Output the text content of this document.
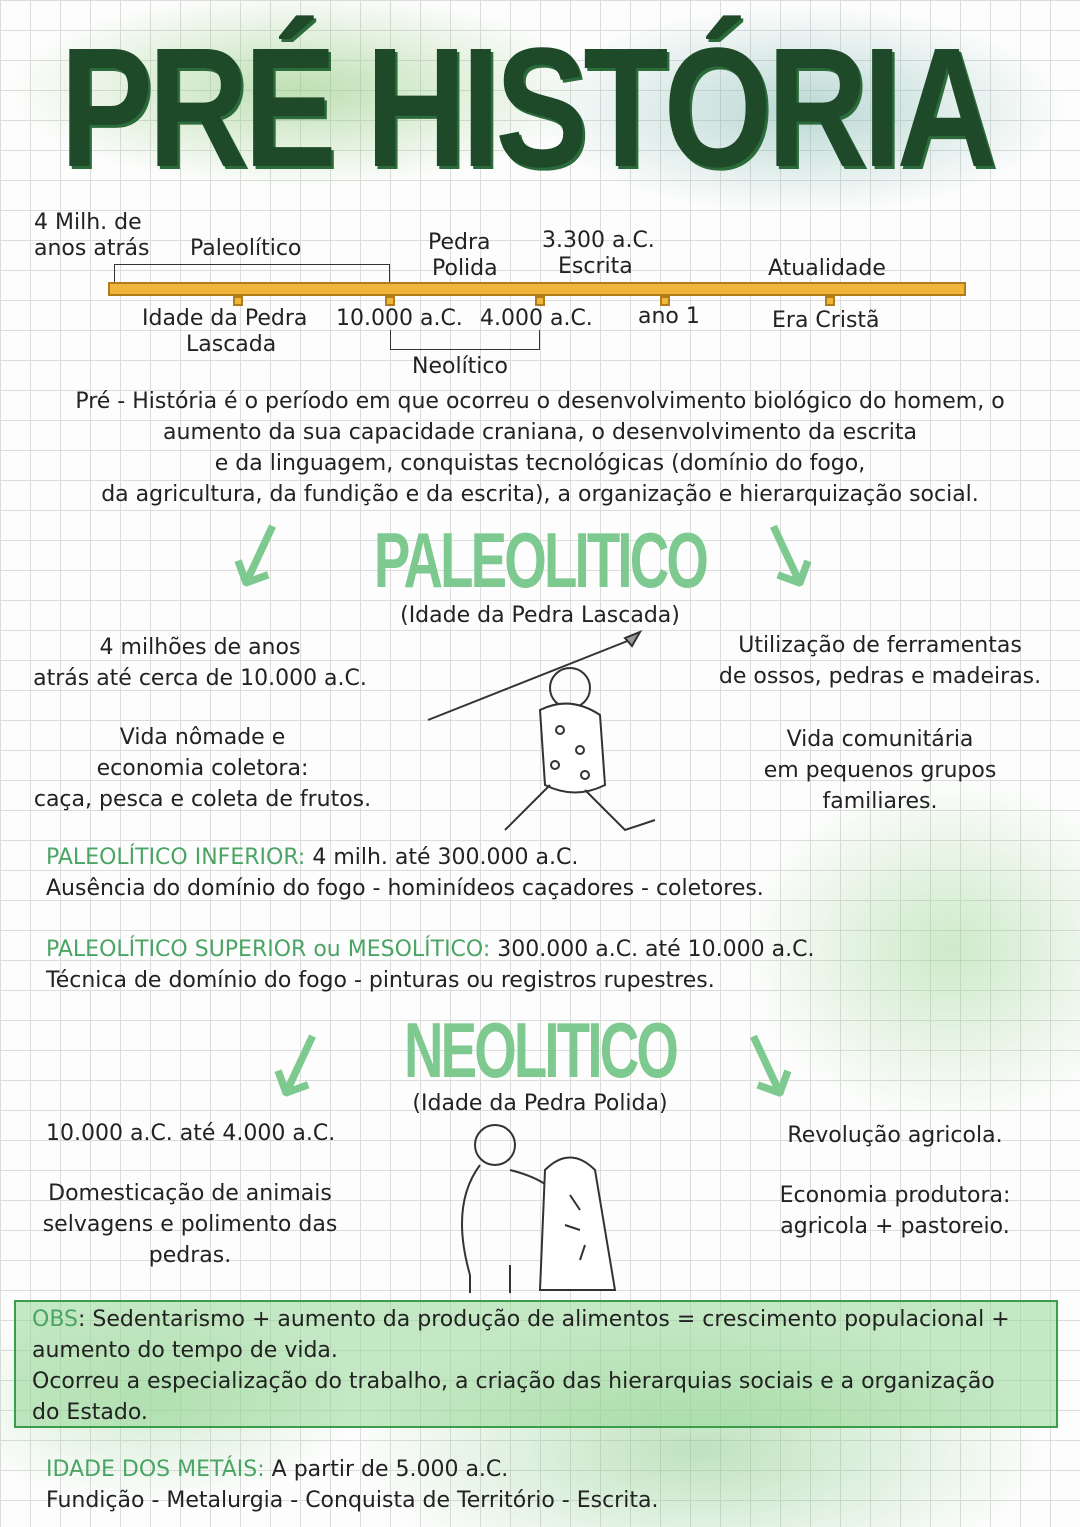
PRÉ HISTÓRIA
4 Milh. de
anos atrás Paleolítico	Pedra
Polida
3.300 a.C.
Escrita	Atualidade
Idade da Pedra
Lascada
10.000 a.C. 4.000 a.C. ano 1	Era Cristã
Neolítico
Pré - História é o período em que ocorreu o desenvolvimento biológico do homem, o
aumento da sua capacidade craniana, o desenvolvimento da escrita
e da linguagem, conquistas tecnológicas (domínio do fogo,
da agricultura, da fundição e da escrita), a organização e hierarquização social.
↙	↘
PALEOLITICO
(Idade da Pedra Lascada)
4 milhões de anos
atrás até cerca de 10.000 a.C.
Vida nômade e
economia coletora:
caça, pesca e coleta de frutos.
Utilização de ferramentas
de ossos, pedras e madeiras.
Vida comunitária
em pequenos grupos
familiares.
PALEOLÍTICO INFERIOR: 4 milh. até 300.000 a.C.
Ausência do domínio do fogo - hominídeos caçadores - coletores.
PALEOLÍTICO SUPERIOR ou MESOLÍTICO: 300.000 a.C. até 10.000 a.C.
Técnica de domínio do fogo - pinturas ou registros rupestres.
↙	↘
NEOLITICO
(Idade da Pedra Polida)
10.000 a.C. até 4.000 a.C.
Domesticação de animais
selvagens e polimento das
pedras.
Revolução agricola.
Economia produtora:
agricola + pastoreio.
OBS: Sedentarismo + aumento da produção de alimentos = crescimento populacional +
aumento do tempo de vida.
Ocorreu a especialização do trabalho, a criação das hierarquias sociais e a organização
do Estado.
IDADE DOS METÁIS: A partir de 5.000 a.C.
Fundição - Metalurgia - Conquista de Território - Escrita.
